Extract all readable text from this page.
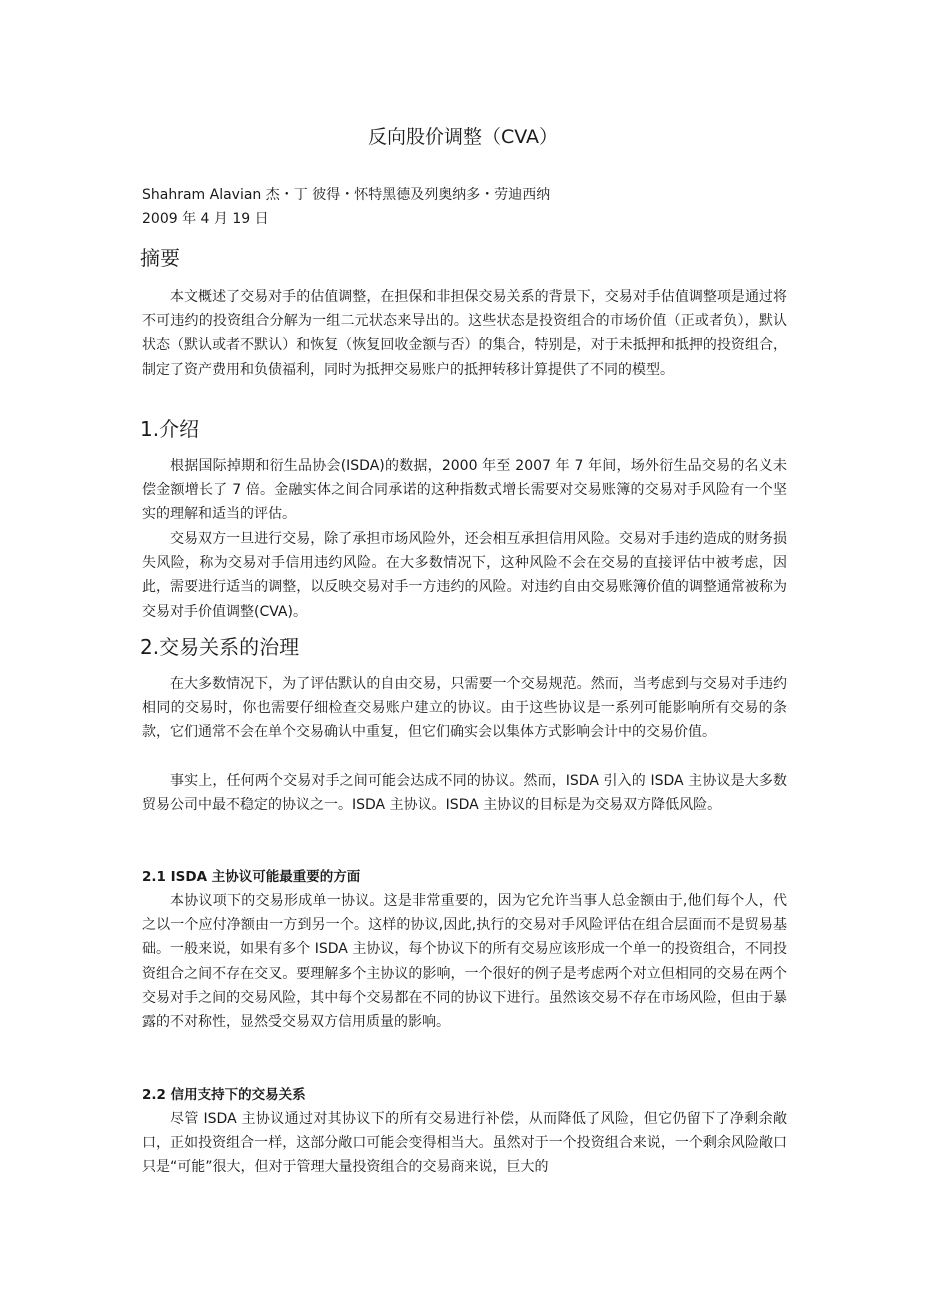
反向股价调整（CVA）
Shahram Alavian 杰・丁 彼得・怀特黑德及列奥纳多・劳迪西纳
2009 年 4 月 19 日
摘要

本文概述了交易对手的估值调整，在担保和非担保交易关系的背景下，交易对手估值调整项是通过将不可违约的投资组合分解为一组二元状态来导出的。这些状态是投资组合的市场价值（正或者负），默认状态（默认或者不默认）和恢复（恢复回收金额与否）的集合，特别是，对于未抵押和抵押的投资组合，制定了资产费用和负债福利，同时为抵押交易账户的抵押转移计算提供了不同的模型。

1.介绍

根据国际掉期和衍生品协会(ISDA)的数据，2000 年至 2007 年 7 年间，场外衍生品交易的名义未偿金额增长了 7 倍。金融实体之间合同承诺的这种指数式增长需要对交易账簿的交易对手风险有一个坚实的理解和适当的评估。

交易双方一旦进行交易，除了承担市场风险外，还会相互承担信用风险。交易对手违约造成的财务损失风险，称为交易对手信用违约风险。在大多数情况下，这种风险不会在交易的直接评估中被考虑，因此，需要进行适当的调整，以反映交易对手一方违约的风险。对违约自由交易账簿价值的调整通常被称为交易对手价值调整(CVA)。

2.交易关系的治理

在大多数情况下，为了评估默认的自由交易，只需要一个交易规范。然而，当考虑到与交易对手违约相同的交易时，你也需要仔细检查交易账户建立的协议。由于这些协议是一系列可能影响所有交易的条款，它们通常不会在单个交易确认中重复，但它们确实会以集体方式影响会计中的交易价值。

事实上，任何两个交易对手之间可能会达成不同的协议。然而，ISDA 引入的 ISDA 主协议是大多数贸易公司中最不稳定的协议之一。ISDA 主协议。ISDA 主协议的目标是为交易双方降低风险。

2.1 ISDA 主协议可能最重要的方面

本协议项下的交易形成单一协议。这是非常重要的，因为它允许当事人总金额由于,他们每个人，代之以一个应付净额由一方到另一个。这样的协议,因此,执行的交易对手风险评估在组合层面而不是贸易基础。一般来说，如果有多个 ISDA 主协议，每个协议下的所有交易应该形成一个单一的投资组合，不同投资组合之间不存在交叉。要理解多个主协议的影响，一个很好的例子是考虑两个对立但相同的交易在两个交易对手之间的交易风险，其中每个交易都在不同的协议下进行。虽然该交易不存在市场风险，但由于暴露的不对称性，显然受交易双方信用质量的影响。

2.2 信用支持下的交易关系

尽管 ISDA 主协议通过对其协议下的所有交易进行补偿，从而降低了风险，但它仍留下了净剩余敞口，正如投资组合一样，这部分敞口可能会变得相当大。虽然对于一个投资组合来说，一个剩余风险敞口只是“可能”很大，但对于管理大量投资组合的交易商来说，巨大的
